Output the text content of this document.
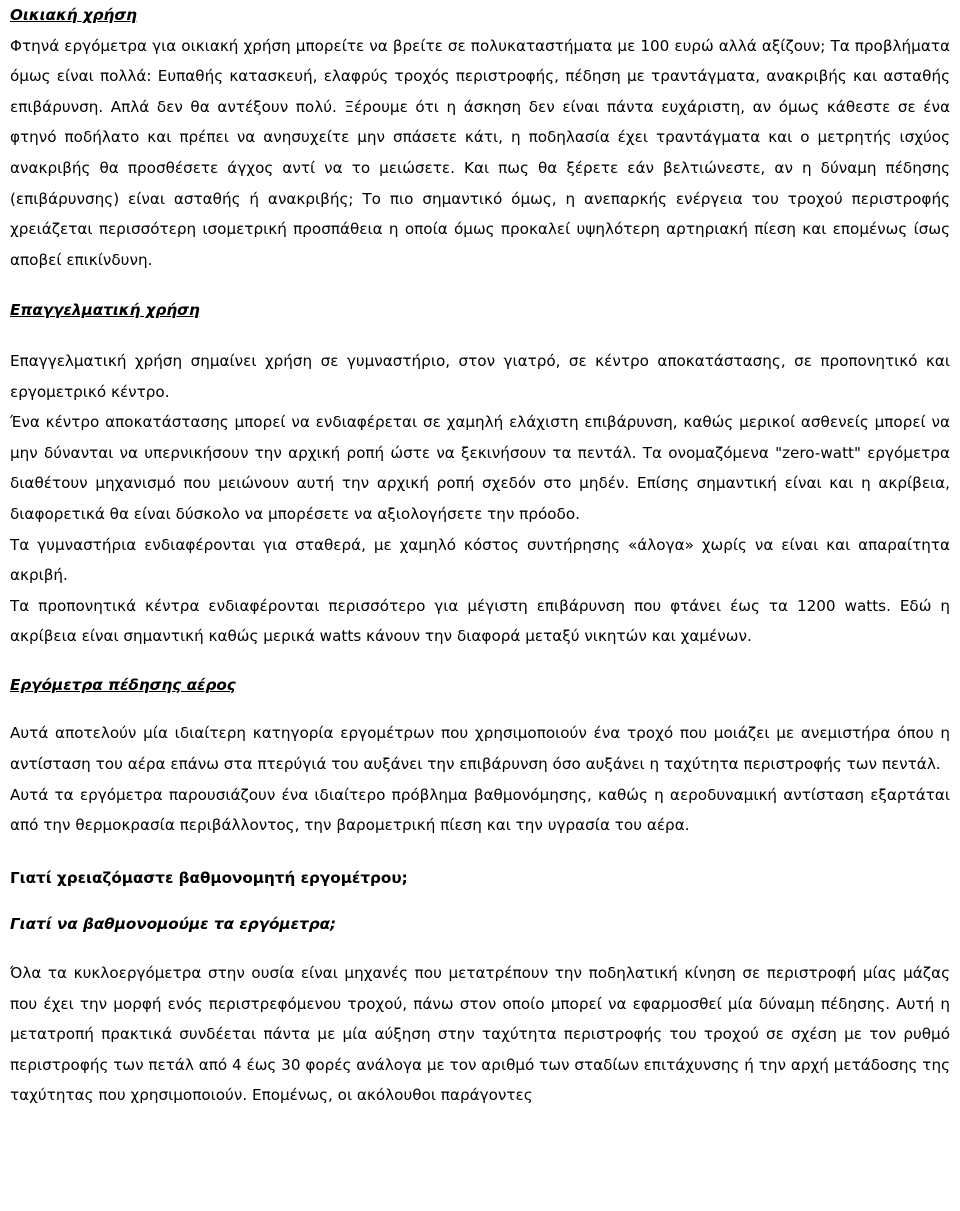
Οικιακή χρήση

Φτηνά εργόμετρα για οικιακή χρήση μπορείτε να βρείτε σε πολυκαταστήματα με 100 ευρώ αλλά αξίζουν; Τα προβλήματα όμως είναι πολλά: Ευπαθής κατασκευή, ελαφρύς τροχός περιστροφής, πέδηση με τραντάγματα, ανακριβής και ασταθής επιβάρυνση. Απλά δεν θα αντέξουν πολύ. Ξέρουμε ότι η άσκηση δεν είναι πάντα ευχάριστη, αν όμως κάθεστε σε ένα φτηνό ποδήλατο και πρέπει να ανησυχείτε μην σπάσετε κάτι, η ποδηλασία έχει τραντάγματα και ο μετρητής ισχύος ανακριβής θα προσθέσετε άγχος αντί να το μειώσετε. Και πως θα ξέρετε εάν βελτιώνεστε, αν η δύναμη πέδησης (επιβάρυνσης) είναι ασταθής ή ανακριβής; Το πιο σημαντικό όμως, η ανεπαρκής ενέργεια του τροχού περιστροφής χρειάζεται περισσότερη ισομετρική προσπάθεια η οποία όμως προκαλεί υψηλότερη αρτηριακή πίεση και επομένως ίσως αποβεί επικίνδυνη.

Επαγγελματική χρήση

Επαγγελματική χρήση σημαίνει χρήση σε γυμναστήριο, στον γιατρό, σε κέντρο αποκατάστασης, σε προπονητικό και εργομετρικό κέντρο.

Ένα κέντρο αποκατάστασης μπορεί να ενδιαφέρεται σε χαμηλή ελάχιστη επιβάρυνση, καθώς μερικοί ασθενείς μπορεί να μην δύνανται να υπερνικήσουν την αρχική ροπή ώστε να ξεκινήσουν τα πεντάλ. Τα ονομαζόμενα "zero-watt" εργόμετρα διαθέτουν μηχανισμό που μειώνουν αυτή την αρχική ροπή σχεδόν στο μηδέν. Επίσης σημαντική είναι και η ακρίβεια, διαφορετικά θα είναι δύσκολο να μπορέσετε να αξιολογήσετε την πρόοδο.

Τα γυμναστήρια ενδιαφέρονται για σταθερά, με χαμηλό κόστος συντήρησης «άλογα» χωρίς να είναι και απαραίτητα ακριβή.

Τα προπονητικά κέντρα ενδιαφέρονται περισσότερο για μέγιστη επιβάρυνση που φτάνει έως τα 1200 watts. Εδώ η ακρίβεια είναι σημαντική καθώς μερικά watts κάνουν την διαφορά μεταξύ νικητών και χαμένων.

Εργόμετρα πέδησης αέρος

Αυτά αποτελούν μία ιδιαίτερη κατηγορία εργομέτρων που χρησιμοποιούν ένα τροχό που μοιάζει με ανεμιστήρα όπου η αντίσταση του αέρα επάνω στα πτερύγιά του αυξάνει την επιβάρυνση όσο αυξάνει η ταχύτητα περιστροφής των πεντάλ.

Αυτά τα εργόμετρα παρουσιάζουν ένα ιδιαίτερο πρόβλημα βαθμονόμησης, καθώς η αεροδυναμική αντίσταση εξαρτάται από την θερμοκρασία περιβάλλοντος, την βαρομετρική πίεση και την υγρασία του αέρα.

Γιατί χρειαζόμαστε βαθμονομητή εργομέτρου;

Γιατί να βαθμονομούμε τα εργόμετρα;

Όλα τα κυκλοεργόμετρα στην ουσία είναι μηχανές που μετατρέπουν την ποδηλατική κίνηση σε περιστροφή μίας μάζας που έχει την μορφή ενός περιστρεφόμενου τροχού, πάνω στον οποίο μπορεί να εφαρμοσθεί μία δύναμη πέδησης. Αυτή η μετατροπή πρακτικά συνδέεται πάντα με μία αύξηση στην ταχύτητα περιστροφής του τροχού σε σχέση με τον ρυθμό περιστροφής των πετάλ από 4 έως 30 φορές ανάλογα με τον αριθμό των σταδίων επιτάχυνσης ή την αρχή μετάδοσης της ταχύτητας που χρησιμοποιούν. Επομένως, οι ακόλουθοι παράγοντες
